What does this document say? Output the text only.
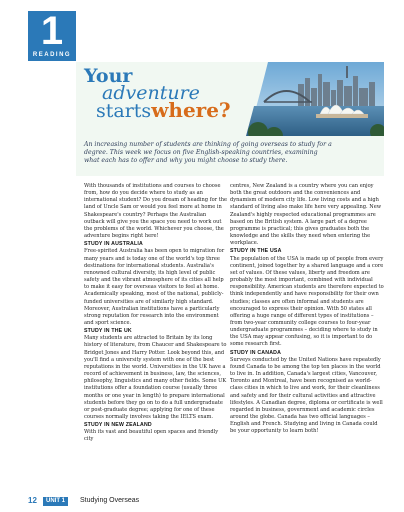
1
READING
Your
adventure
startswhere?
An increasing number of students are thinking of going overseas to study for a degree. This week we focus on five English-speaking countries, examining what each has to offer and why you might choose to study there.

With thousands of institutions and courses to choose from, how do you decide where to study as an international student? Do you dream of heading for the land of Uncle Sam or would you feel more at home in Shakespeare's country? Perhaps the Australian outback will give you the space you need to work out the problems of the world. Whichever you choose, the adventure begins right here!

STUDY IN AUSTRALIA

Free-spirited Australia has been open to migration for many years and is today one of the world's top three destinations for international students. Australia's renowned cultural diversity, its high level of public safety and the vibrant atmosphere of its cities all help to make it easy for overseas visitors to feel at home. Academically speaking, most of the national, publicly-funded universities are of similarly high standard. Moreover, Australian institutions have a particularly strong reputation for research into the environment and sport science.

STUDY IN THE UK

Many students are attracted to Britain by its long history of literature, from Chaucer and Shakespeare to Bridget Jones and Harry Potter. Look beyond this, and you'll find a university system with one of the best reputations in the world. Universities in the UK have a record of achievement in business, law, the sciences, philosophy, linguistics and many other fields. Some UK institutions offer a foundation course (usually three months or one year in length) to prepare international students before they go on to do a full undergraduate or post-graduate degree; applying for one of these courses normally involves taking the IELTS exam.

STUDY IN NEW ZEALAND

With its vast and beautiful open spaces and friendly city

centres, New Zealand is a country where you can enjoy both the great outdoors and the conveniences and dynamism of modern city life. Low living costs and a high standard of living also make life here very appealing. New Zealand's highly respected educational programmes are based on the British system. A large part of a degree programme is practical; this gives graduates both the knowledge and the skills they need when entering the workplace.

STUDY IN THE USA

The population of the USA is made up of people from every continent, joined together by a shared language and a core set of values. Of these values, liberty and freedom are probably the most important, combined with individual responsibility. American students are therefore expected to think independently and have responsibility for their own studies; classes are often informal and students are encouraged to express their opinion. With 50 states all offering a huge range of different types of institutions – from two-year community college courses to four-year undergraduate programmes – deciding where to study in the USA may appear confusing, so it is important to do some research first.

STUDY IN CANADA

Surveys conducted by the United Nations have repeatedly found Canada to be among the top ten places in the world to live in. In addition, Canada's largest cities, Vancouver, Toronto and Montreal, have been recognised as world-class cities in which to live and work, for their cleanliness and safety and for their cultural activities and attractive lifestyles. A Canadian degree, diploma or certificate is well regarded in business, government and academic circles around the globe. Canada has two official languages – English and French. Studying and living in Canada could be your opportunity to learn both!

12	UNIT 1	Studying Overseas
